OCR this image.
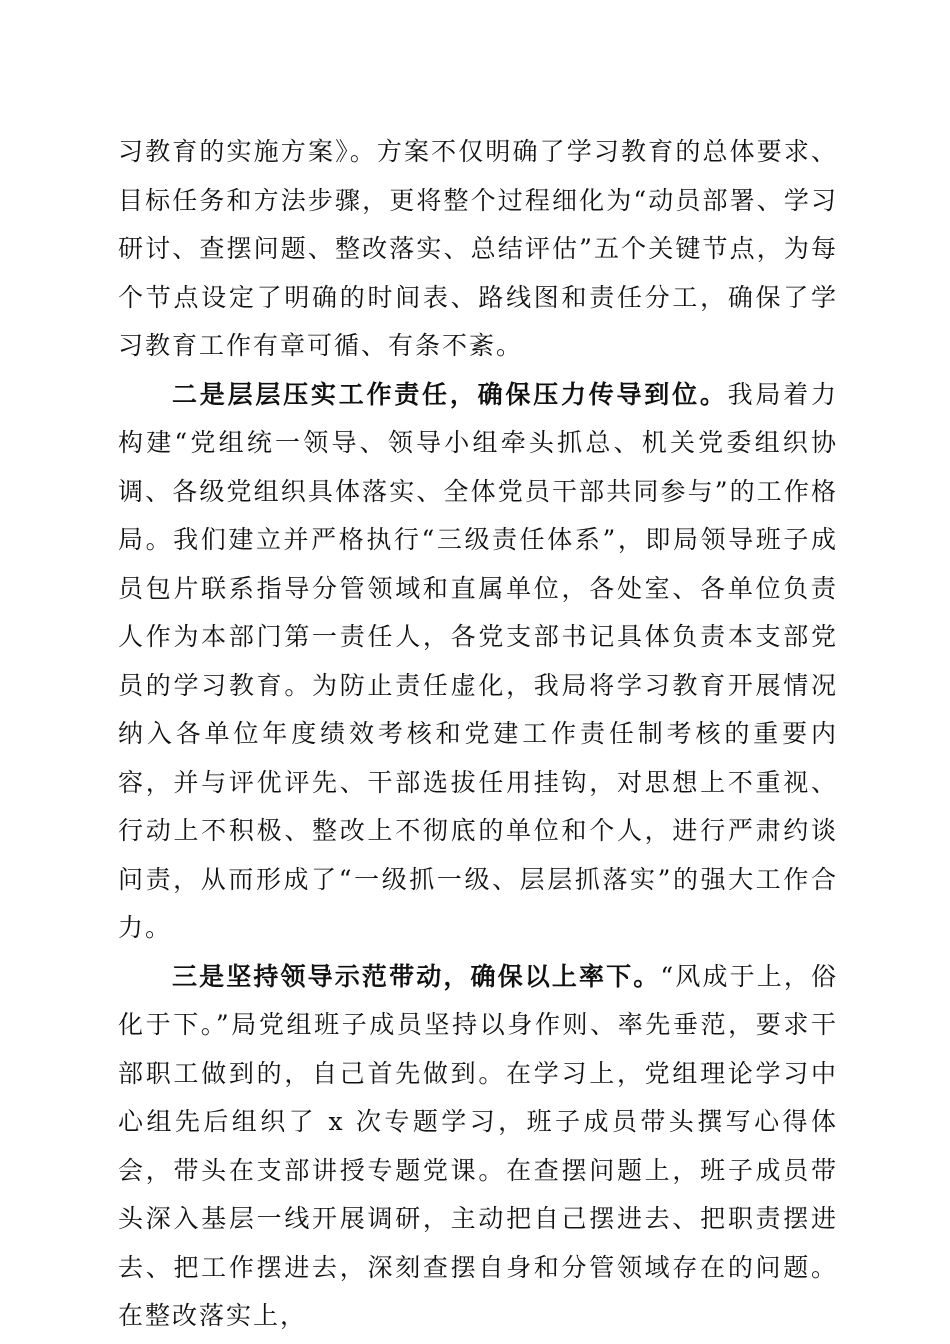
习教育的实施方案》。方案不仅明确了学习教育的总体要求、目标任务和方法步骤，更将整个过程细化为“动员部署、学习研讨、查摆问题、整改落实、总结评估”五个关键节点，为每个节点设定了明确的时间表、路线图和责任分工，确保了学习教育工作有章可循、有条不紊。

二是层层压实工作责任，确保压力传导到位。我局着力构建“党组统一领导、领导小组牵头抓总、机关党委组织协调、各级党组织具体落实、全体党员干部共同参与”的工作格局。我们建立并严格执行“三级责任体系”，即局领导班子成员包片联系指导分管领域和直属单位，各处室、各单位负责人作为本部门第一责任人，各党支部书记具体负责本支部党员的学习教育。为防止责任虚化，我局将学习教育开展情况纳入各单位年度绩效考核和党建工作责任制考核的重要内容，并与评优评先、干部选拔任用挂钩，对思想上不重视、行动上不积极、整改上不彻底的单位和个人，进行严肃约谈问责，从而形成了“一级抓一级、层层抓落实”的强大工作合力。

三是坚持领导示范带动，确保以上率下。“风成于上，俗化于下。”局党组班子成员坚持以身作则、率先垂范，要求干部职工做到的，自己首先做到。在学习上，党组理论学习中心组先后组织了 x 次专题学习，班子成员带头撰写心得体会，带头在支部讲授专题党课。在查摆问题上，班子成员带头深入基层一线开展调研，主动把自己摆进去、把职责摆进去、把工作摆进去，深刻查摆自身和分管领域存在的问题。在整改落实上，
